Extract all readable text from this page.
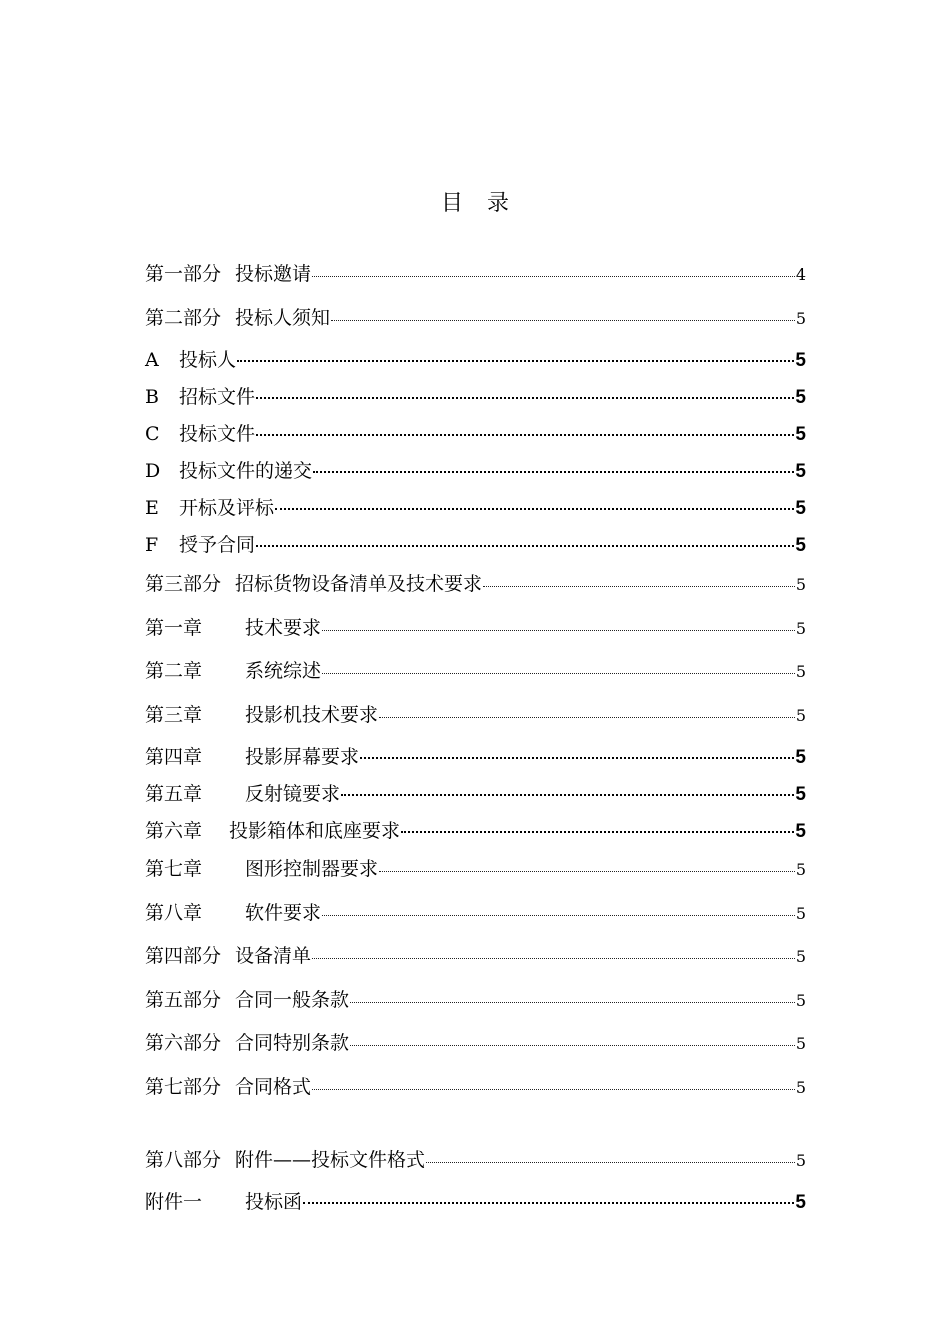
目 录
第一部分 投标邀请	4
第二部分 投标人须知	5
A	投标人	5
B	招标文件	5
C	投标文件	5
D 投标文件的递交	5
E	开标及评标	5
F	授予合同	5
第三部分 招标货物设备清单及技术要求	5
第一章	技术要求	5
第二章	系统综述	5
第三章	投影机技术要求	5
第四章	投影屏幕要求	5
第五章	反射镜要求	5
第六章	投影箱体和底座要求	5
第七章	图形控制器要求	5
第八章	软件要求	5
第四部分 设备清单	5
第五部分 合同一般条款	5
第六部分 合同特别条款	5
第七部分 合同格式	5
第八部分 附件——投标文件格式	5
附件一	投标函	5
